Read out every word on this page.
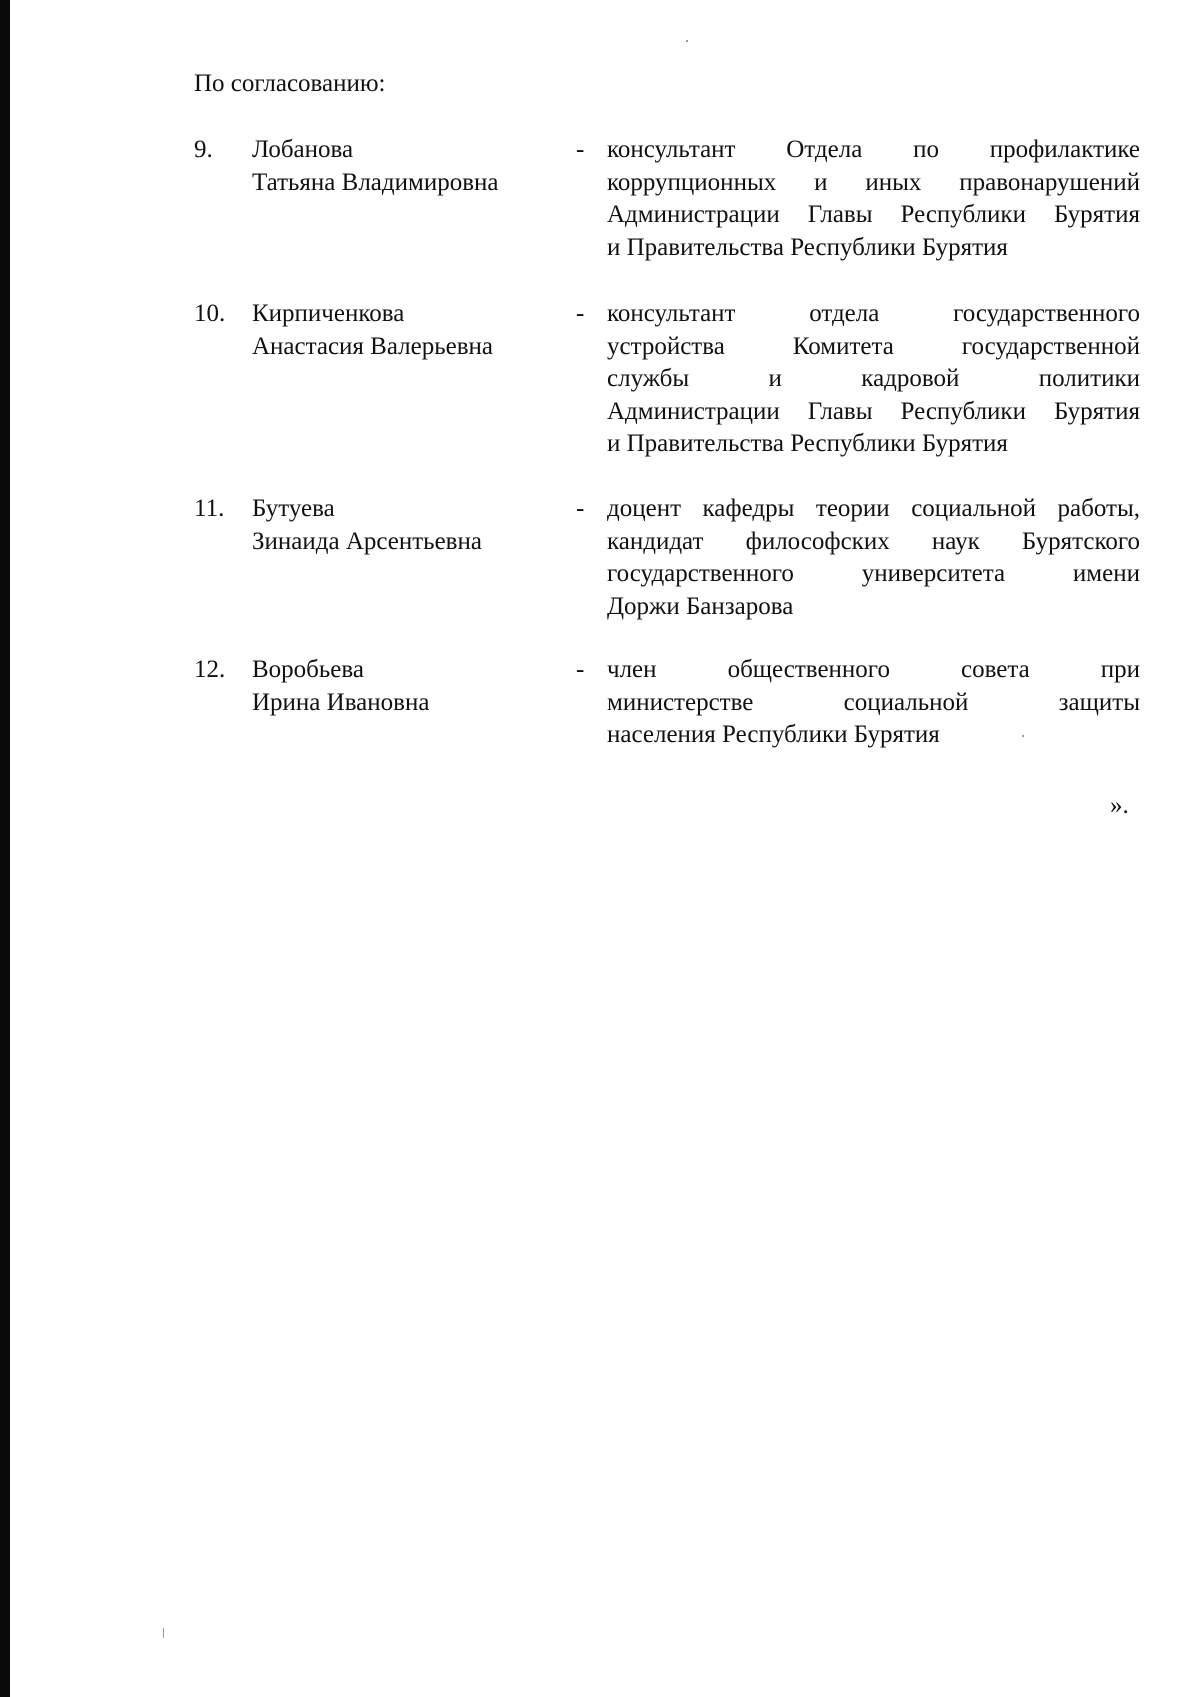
По согласованию:
9. Лобанова
Татьяна Владимировна
- консультант Отдела по профилактике
коррупционных и иных правонарушений
Администрации Главы Республики Бурятия
и Правительства Республики Бурятия
10. Кирпиченкова
Анастасия Валерьевна
- консультант отдела государственного
устройства Комитета государственной
службы и кадровой политики
Администрации Главы Республики Бурятия
и Правительства Республики Бурятия
11. Бутуева
Зинаида Арсентьевна
- доцент кафедры теории социальной работы,
кандидат философских наук Бурятского
государственного университета имени
Доржи Банзарова
12. Воробьева
Ирина Ивановна
- член общественного совета при
министерстве социальной защиты
населения Республики Бурятия
».
